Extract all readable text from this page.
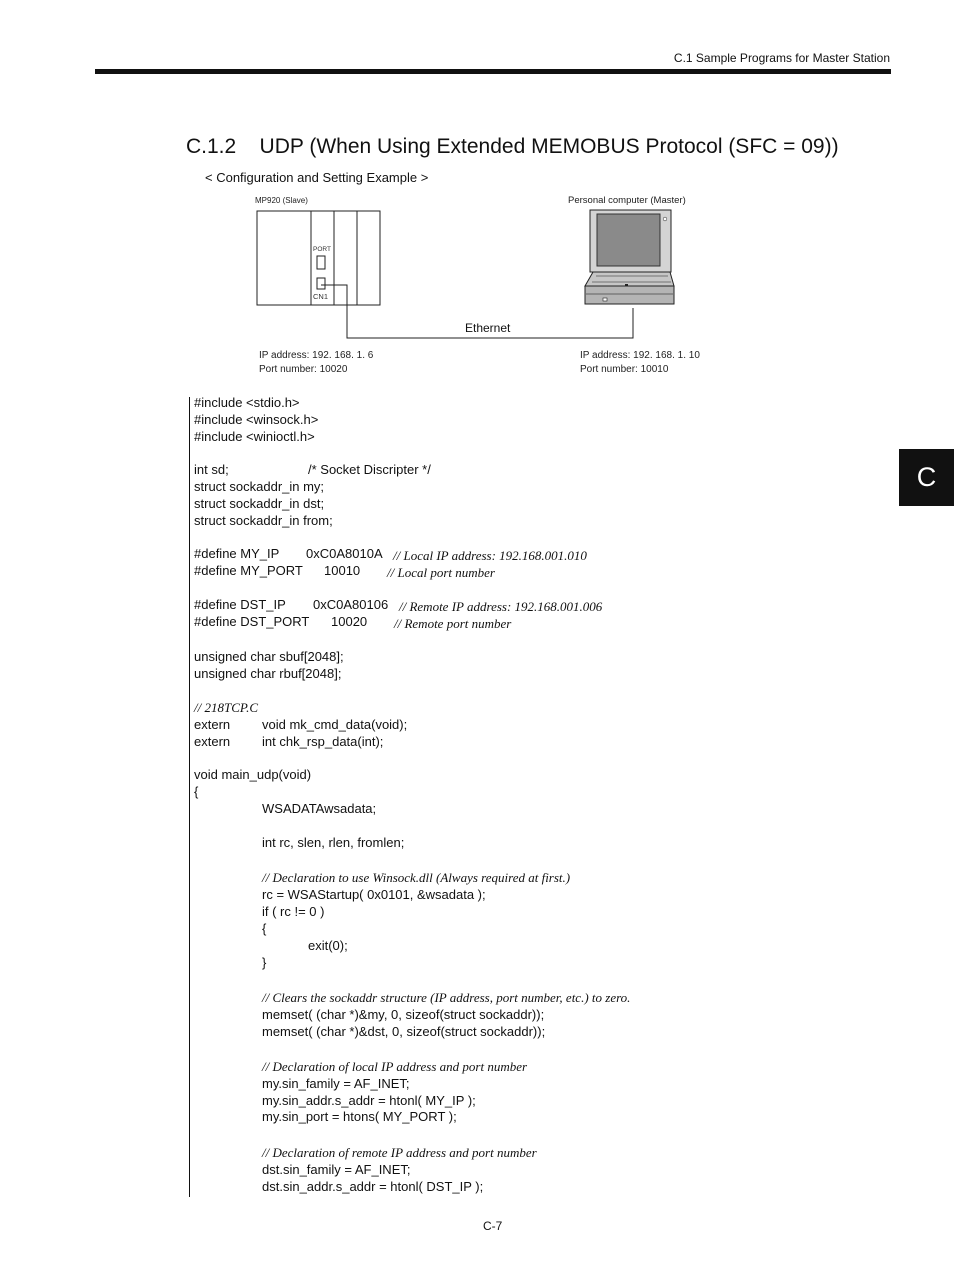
C.1 Sample Programs for Master Station
C.1.2    UDP (When Using Extended MEMOBUS Protocol (SFC = 09))
< Configuration and Setting Example >
MP920 (Slave)	Personal computer (Master)
PORT
CN1
Ethernet
IP address: 192. 168. 1. 6
Port number: 10020
IP address: 192. 168. 1. 10
Port number: 10010
C
#include <stdio.h>
#include <winsock.h>
#include <winioctl.h>
int sd;	/* Socket Discripter */
struct sockaddr_in my;
struct sockaddr_in dst;
struct sockaddr_in from;
#define MY_IP 0xC0A8010A // Local IP address: 192.168.001.010
#define MY_PORT 10010 // Local port number
#define DST_IP 0xC0A80106 // Remote IP address: 192.168.001.006
#define DST_PORT 10020 // Remote port number
unsigned char sbuf[2048];
unsigned char rbuf[2048];
// 218TCP.C
extern void mk_cmd_data(void);
extern int chk_rsp_data(int);
void main_udp(void)
{
WSADATAwsadata;
int rc, slen, rlen, fromlen;
// Declaration to use Winsock.dll (Always required at first.)
rc = WSAStartup( 0x0101, &wsadata );
if ( rc != 0 )
{
exit(0);
}
// Clears the sockaddr structure (IP address, port number, etc.) to zero.
memset( (char *)&my, 0, sizeof(struct sockaddr));
memset( (char *)&dst, 0, sizeof(struct sockaddr));
// Declaration of local IP address and port number
my.sin_family = AF_INET;
my.sin_addr.s_addr = htonl( MY_IP );
my.sin_port = htons( MY_PORT );
// Declaration of remote IP address and port number
dst.sin_family = AF_INET;
dst.sin_addr.s_addr = htonl( DST_IP );
C-7
